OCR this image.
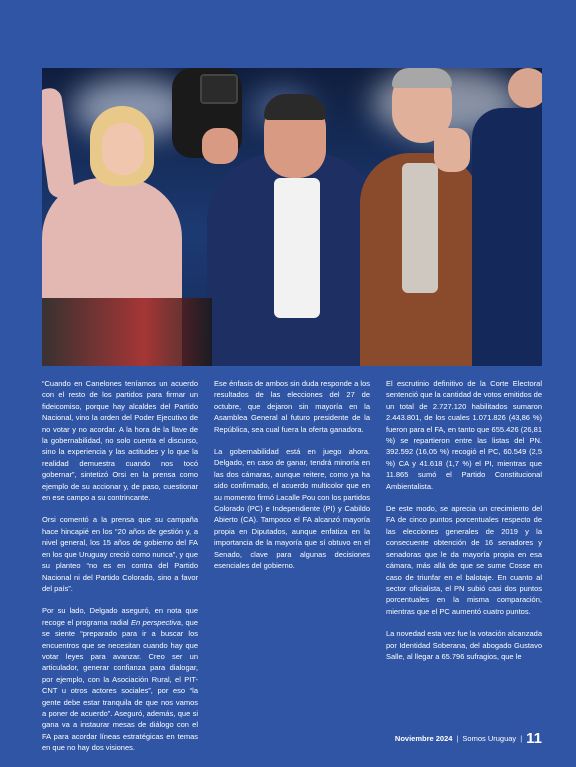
“Cuando en Canelones teníamos un acuerdo con el resto de los partidos para firmar un fideicomiso, porque hay alcaldes del Partido Nacional, vino la orden del Poder Ejecutivo de no votar y no acordar. A la hora de la llave de la gobernabilidad, no solo cuenta el discurso, sino la experiencia y las actitudes y lo que la realidad demuestra cuando nos tocó gobernar”, sintetizó Orsi en la prensa como ejemplo de su accionar y, de paso, cuestionar en ese campo a su contrincante.

Orsi comentó a la prensa que su campaña hace hincapié en los “20 años de gestión y, a nivel general, los 15 años de gobierno del FA en los que Uruguay creció como nunca”, y que su planteo “no es en contra del Partido Nacional ni del Partido Colorado, sino a favor del país”.

Por su lado, Delgado aseguró, en nota que recoge el programa radial En perspectiva, que se siente “preparado para ir a buscar los encuentros que se necesitan cuando hay que votar leyes para avanzar. Creo ser un articulador, generar confianza para dialogar, por ejemplo, con la Asociación Rural, el PIT-CNT u otros actores sociales”, por eso “la gente debe estar tranquila de que nos vamos a poner de acuerdo”. Aseguró, además, que si gana va a instaurar mesas de diálogo con el FA para acordar líneas estratégicas en temas en que no hay dos visiones.

Ese énfasis de ambos sin duda responde a los resultados de las elecciones del 27 de octubre, que dejaron sin mayoría en la Asamblea General al futuro presidente de la República, sea cual fuera la oferta ganadora.

La gobernabilidad está en juego ahora. Delgado, en caso de ganar, tendrá minoría en las dos cámaras, aunque reitere, como ya ha sido confirmado, el acuerdo multicolor que en su momento firmó Lacalle Pou con los partidos Colorado (PC) e Independiente (PI) y Cabildo Abierto (CA). Tampoco el FA alcanzó mayoría propia en Diputados, aunque enfatiza en la importancia de la mayoría que sí obtuvo en el Senado, clave para algunas decisiones esenciales del gobierno.

El escrutinio definitivo de la Corte Electoral sentenció que la cantidad de votos emitidos de un total de 2.727.120 habilitados sumaron 2.443.801, de los cuales 1.071.826 (43,86 %) fueron para el FA, en tanto que 655.426 (26,81 %) se repartieron entre las listas del PN. 392.592 (16,05 %) recogió el PC, 60.549 (2,5 %) CA y 41.618 (1,7 %) el PI, mientras que 11.865 sumó el Partido Constitucional Ambientalista.

De este modo, se aprecia un crecimiento del FA de cinco puntos porcentuales respecto de las elecciones generales de 2019 y la consecuente obtención de 16 senadores y senadoras que le da mayoría propia en esa cámara, más allá de que se sume Cosse en caso de triunfar en el balotaje. En cuanto al sector oficialista, el PN subió casi dos puntos porcentuales en la misma comparación, mientras que el PC aumentó cuatro puntos.

La novedad esta vez fue la votación alcanzada por Identidad Soberana, del abogado Gustavo Salle, al llegar a 65.796 sufragios, que le

Noviembre 2024 | Somos Uruguay | 11
